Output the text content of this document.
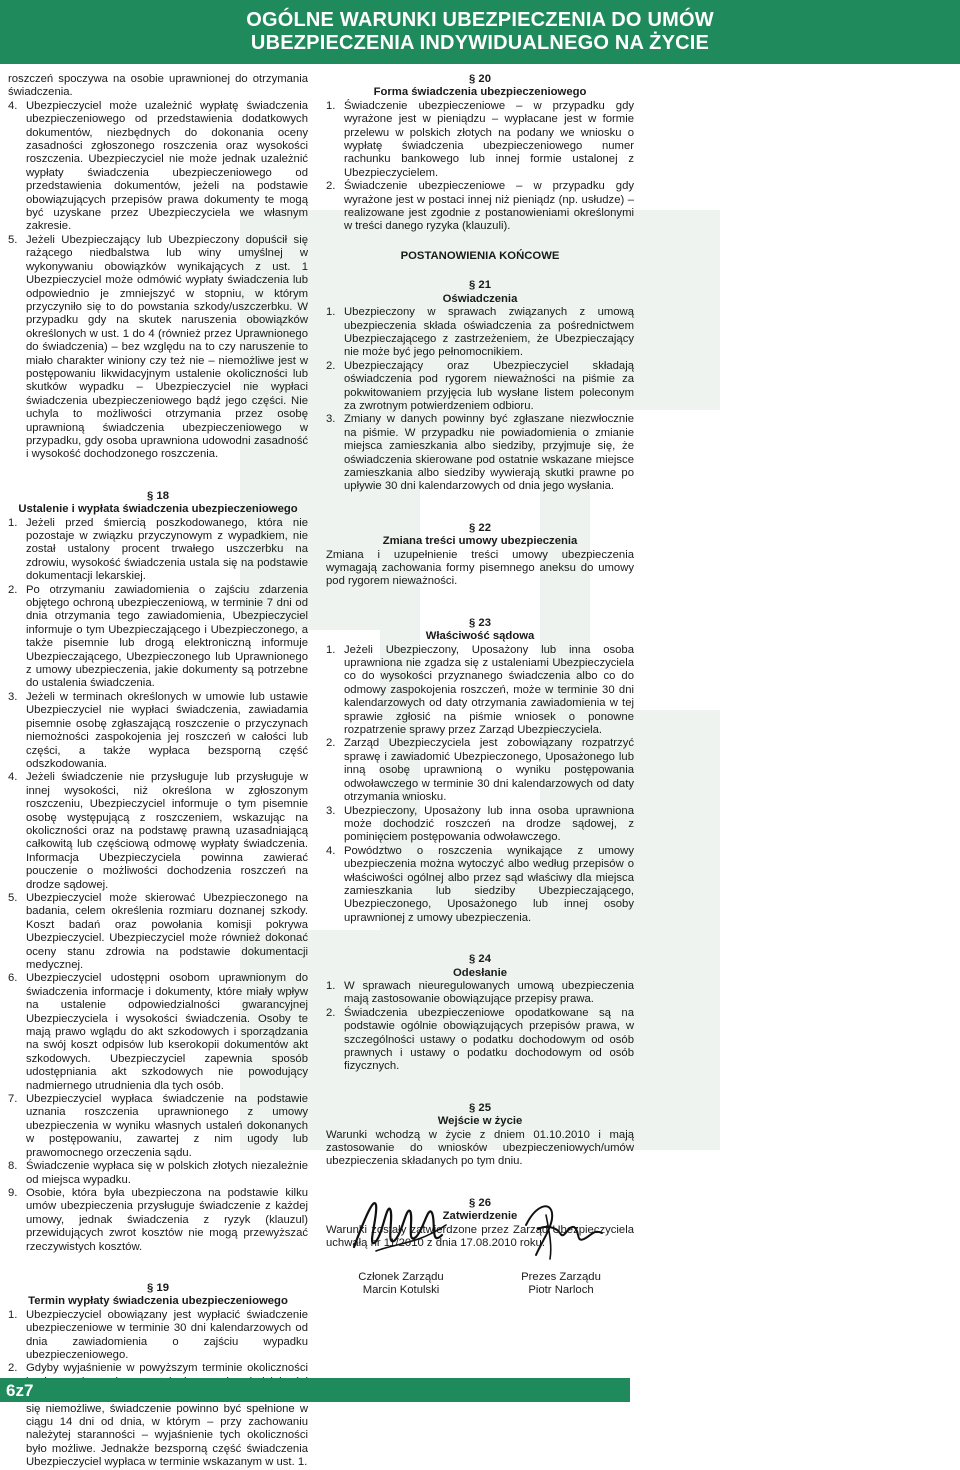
OGÓLNE WARUNKI UBEZPIECZENIA DO UMÓW
UBEZPIECZENIA INDYWIDUALNEGO NA ŻYCIE

roszczeń spoczywa na osobie uprawnionej do otrzymania świadczenia.

4. Ubezpieczyciel może uzależnić wypłatę świadczenia ubezpieczeniowego od przedstawienia dodatkowych dokumentów, niezbędnych do dokonania oceny zasadności zgłoszonego roszczenia oraz wysokości roszczenia. Ubezpieczyciel nie może jednak uzależnić wypłaty świadczenia ubezpieczeniowego od przedstawienia dokumentów, jeżeli na podstawie obowiązujących przepisów prawa dokumenty te mogą być uzyskane przez Ubezpieczyciela we własnym zakresie.
5. Jeżeli Ubezpieczający lub Ubezpieczony dopuścił się rażącego niedbalstwa lub winy umyślnej w wykonywaniu obowiązków wynikających z ust. 1 Ubezpieczyciel może odmówić wypłaty świadczenia lub odpowiednio je zmniejszyć w stopniu, w którym przyczyniło się to do powstania szkody/uszczerbku. W przypadku gdy na skutek naruszenia obowiązków określonych w ust. 1 do 4 (również przez Uprawnionego do świadczenia) – bez względu na to czy naruszenie to miało charakter winiony czy też nie – niemożliwe jest w postępowaniu likwidacyjnym ustalenie okoliczności lub skutków wypadku – Ubezpieczyciel nie wypłaci świadczenia ubezpieczeniowego bądź jego części. Nie uchyla to możliwości otrzymania przez osobę uprawnioną świadczenia ubezpieczeniowego w przypadku, gdy osoba uprawniona udowodni zasadność i wysokość dochodzonego roszczenia.
§ 18
Ustalenie i wypłata świadczenia ubezpieczeniowego
1. Jeżeli przed śmiercią poszkodowanego, która nie pozostaje w związku przyczynowym z wypadkiem, nie został ustalony procent trwałego uszczerbku na zdrowiu, wysokość świadczenia ustala się na podstawie dokumentacji lekarskiej.
2. Po otrzymaniu zawiadomienia o zajściu zdarzenia objętego ochroną ubezpieczeniową, w terminie 7 dni od dnia otrzymania tego zawiadomienia, Ubezpieczyciel informuje o tym Ubezpieczającego i Ubezpieczonego, a także pisemnie lub drogą elektroniczną informuje Ubezpieczającego, Ubezpieczonego lub Uprawnionego z umowy ubezpieczenia, jakie dokumenty są potrzebne do ustalenia świadczenia.
3. Jeżeli w terminach określonych w umowie lub ustawie Ubezpieczyciel nie wypłaci świadczenia, zawiadamia pisemnie osobę zgłaszającą roszczenie o przyczynach niemożności zaspokojenia jej roszczeń w całości lub części, a także wypłaca bezsporną część odszkodowania.
4. Jeżeli świadczenie nie przysługuje lub przysługuje w innej wysokości, niż określona w zgłoszonym roszczeniu, Ubezpieczyciel informuje o tym pisemnie osobę występującą z roszczeniem, wskazując na okoliczności oraz na podstawę prawną uzasadniającą całkowitą lub częściową odmowę wypłaty świadczenia. Informacja Ubezpieczyciela powinna zawierać pouczenie o możliwości dochodzenia roszczeń na drodze sądowej.
5. Ubezpieczyciel może skierować Ubezpieczonego na badania, celem określenia rozmiaru doznanej szkody. Koszt badań oraz powołania komisji pokrywa Ubezpieczyciel. Ubezpieczyciel może również dokonać oceny stanu zdrowia na podstawie dokumentacji medycznej.
6. Ubezpieczyciel udostępni osobom uprawnionym do świadczenia informacje i dokumenty, które miały wpływ na ustalenie odpowiedzialności gwarancyjnej Ubezpieczyciela i wysokości świadczenia. Osoby te mają prawo wglądu do akt szkodowych i sporządzania na swój koszt odpisów lub kserokopii dokumentów akt szkodowych. Ubezpieczyciel zapewnia sposób udostępniania akt szkodowych nie powodujący nadmiernego utrudnienia dla tych osób.
7. Ubezpieczyciel wypłaca świadczenie na podstawie uznania roszczenia uprawnionego z umowy ubezpieczenia w wyniku własnych ustaleń dokonanych w postępowaniu, zawartej z nim ugody lub prawomocnego orzeczenia sądu.
8. Świadczenie wypłaca się w polskich złotych niezależnie od miejsca wypadku.
9. Osobie, która była ubezpieczona na podstawie kilku umów ubezpieczenia przysługuje świadczenie z każdej umowy, jednak świadczenia z ryzyk (klauzul) przewidujących zwrot kosztów nie mogą przewyższać rzeczywistych kosztów.
§ 19
Termin wypłaty świadczenia ubezpieczeniowego
1. Ubezpieczyciel obowiązany jest wypłacić świadczenie ubezpieczeniowe w terminie 30 dni kalendarzowych od dnia zawiadomienia o zajściu wypadku ubezpieczeniowego.
2. Gdyby wyjaśnienie w powyższym terminie okoliczności się niemożliwe, świadczenie powinno być spełnione w ciągu 14 dni od dnia, w którym – przy zachowaniu należytej staranności – wyjaśnienie tych okoliczności było możliwe. Jednakże bezsporną część świadczenia Ubezpieczyciel wypłaca w terminie wskazanym w ust. 1.
§ 20
Forma świadczenia ubezpieczeniowego
1. Świadczenie ubezpieczeniowe – w przypadku gdy wyrażone jest w pieniądzu – wypłacane jest w formie przelewu w polskich złotych na podany we wniosku o wypłatę świadczenia ubezpieczeniowego numer rachunku bankowego lub innej formie ustalonej z Ubezpieczycielem.
2. Świadczenie ubezpieczeniowe – w przypadku gdy wyrażone jest w postaci innej niż pieniądz (np. usłudze) – realizowane jest zgodnie z postanowieniami określonymi w treści danego ryzyka (klauzuli).

POSTANOWIENIA KOŃCOWE

§ 21
Oświadczenia
1. Ubezpieczony w sprawach związanych z umową ubezpieczenia składa oświadczenia za pośrednictwem Ubezpieczającego z zastrzeżeniem, że Ubezpieczający nie może być jego pełnomocnikiem.
2. Ubezpieczający oraz Ubezpieczyciel składają oświadczenia pod rygorem nieważności na piśmie za pokwitowaniem przyjęcia lub wysłane listem poleconym za zwrotnym potwierdzeniem odbioru.
3. Zmiany w danych powinny być zgłaszane niezwłocznie na piśmie. W przypadku nie powiadomienia o zmianie miejsca zamieszkania albo siedziby, przyjmuje się, że oświadczenia skierowane pod ostatnie wskazane miejsce zamieszkania albo siedziby wywierają skutki prawne po upływie 30 dni kalendarzowych od dnia jego wysłania.
§ 22
Zmiana treści umowy ubezpieczenia

Zmiana i uzupełnienie treści umowy ubezpieczenia wymagają zachowania formy pisemnego aneksu do umowy pod rygorem nieważności.

§ 23
Właściwość sądowa
1. Jeżeli Ubezpieczony, Uposażony lub inna osoba uprawniona nie zgadza się z ustaleniami Ubezpieczyciela co do wysokości przyznanego świadczenia albo co do odmowy zaspokojenia roszczeń, może w terminie 30 dni kalendarzowych od daty otrzymania zawiadomienia w tej sprawie zgłosić na piśmie wniosek o ponowne rozpatrzenie sprawy przez Zarząd Ubezpieczyciela.
2. Zarząd Ubezpieczyciela jest zobowiązany rozpatrzyć sprawę i zawiadomić Ubezpieczonego, Uposażonego lub inną osobę uprawnioną o wyniku postępowania odwoławczego w terminie 30 dni kalendarzowych od daty otrzymania wniosku.
3. Ubezpieczony, Uposażony lub inna osoba uprawniona może dochodzić roszczeń na drodze sądowej, z pominięciem postępowania odwoławczego.
4. Powództwo o roszczenia wynikające z umowy ubezpieczenia można wytoczyć albo według przepisów o właściwości ogólnej albo przez sąd właściwy dla miejsca zamieszkania lub siedziby Ubezpieczającego, Ubezpieczonego, Uposażonego lub innej osoby uprawnionej z umowy ubezpieczenia.
§ 24
Odesłanie
1. W sprawach nieuregulowanych umową ubezpieczenia mają zastosowanie obowiązujące przepisy prawa.
2. Świadczenia ubezpieczeniowe opodatkowane są na podstawie ogólnie obowiązujących przepisów prawa, w szczególności ustawy o podatku dochodowym od osób prawnych i ustawy o podatku dochodowym od osób fizycznych.
§ 25
Wejście w życie

Warunki wchodzą w życie z dniem 01.10.2010 i mają zastosowanie do wniosków ubezpieczeniowych/umów ubezpieczenia składanych po tym dniu.

§ 26
Zatwierdzenie

Warunki zostały zatwierdzone przez Zarząd Ubezpieczyciela uchwałą nr 11/2010 z dnia 17.08.2010 roku.

Członek Zarządu
Marcin Kotulski
Prezes Zarządu
Piotr Narloch
6z7
